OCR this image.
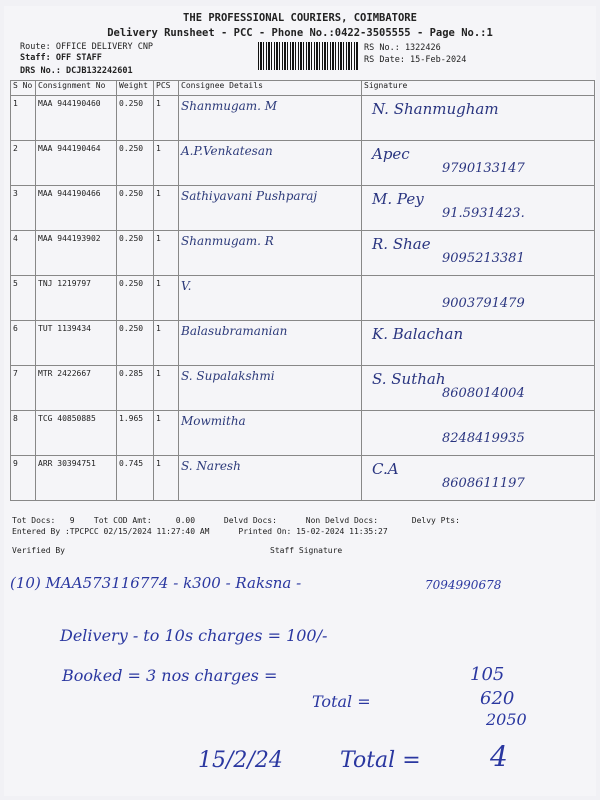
THE PROFESSIONAL COURIERS, COIMBATORE
Delivery Runsheet - PCC - Phone No.:0422-3505555 - Page No.:1
Route: OFFICE DELIVERY CNP
Staff: OFF STAFF
DRS No.: DCJB132242601
RS No.: 1322426
RS Date: 15-Feb-2024
S No	Consignment No	Weight	PCS	Consignee Details	Signature
1	MAA 944190460	0.250	1	Shanmugam. M	N. Shanmugham

2	MAA 944190464	0.250	1	A.P.Venkatesan	Apec
9790133147

3	MAA 944190466	0.250	1	Sathiyavani Pushparaj	M. Pey
91.5931423.

4	MAA 944193902	0.250	1	Shanmugam. R	R. Shae
9095213381

5	TNJ 1219797	0.250	1	V.	9003791479

6	TUT 1139434	0.250	1	Balasubramanian	K. Balachan

7	MTR 2422667	0.285	1	S. Supalakshmi	S. Suthah
8608014004

8	TCG 40850885	1.965	1	Mowmitha	8248419935

9	ARR 30394751	0.745	1	S. Naresh	C.A
8608611197
Tot Docs:   9    Tot COD Amt:     0.00      Delvd Docs:      Non Delvd Docs:       Delvy Pts:
Entered By :TPCPCC 02/15/2024 11:27:40 AM      Printed On: 15-02-2024 11:35:27
Verified By	Staff Signature
(10) MAA573116774 - k300 - Raksna -	7094990678
Delivery - to 10s charges = 100/-
Booked = 3 nos charges =	105
Total =	620
2050
15/2/24	Total = 4
